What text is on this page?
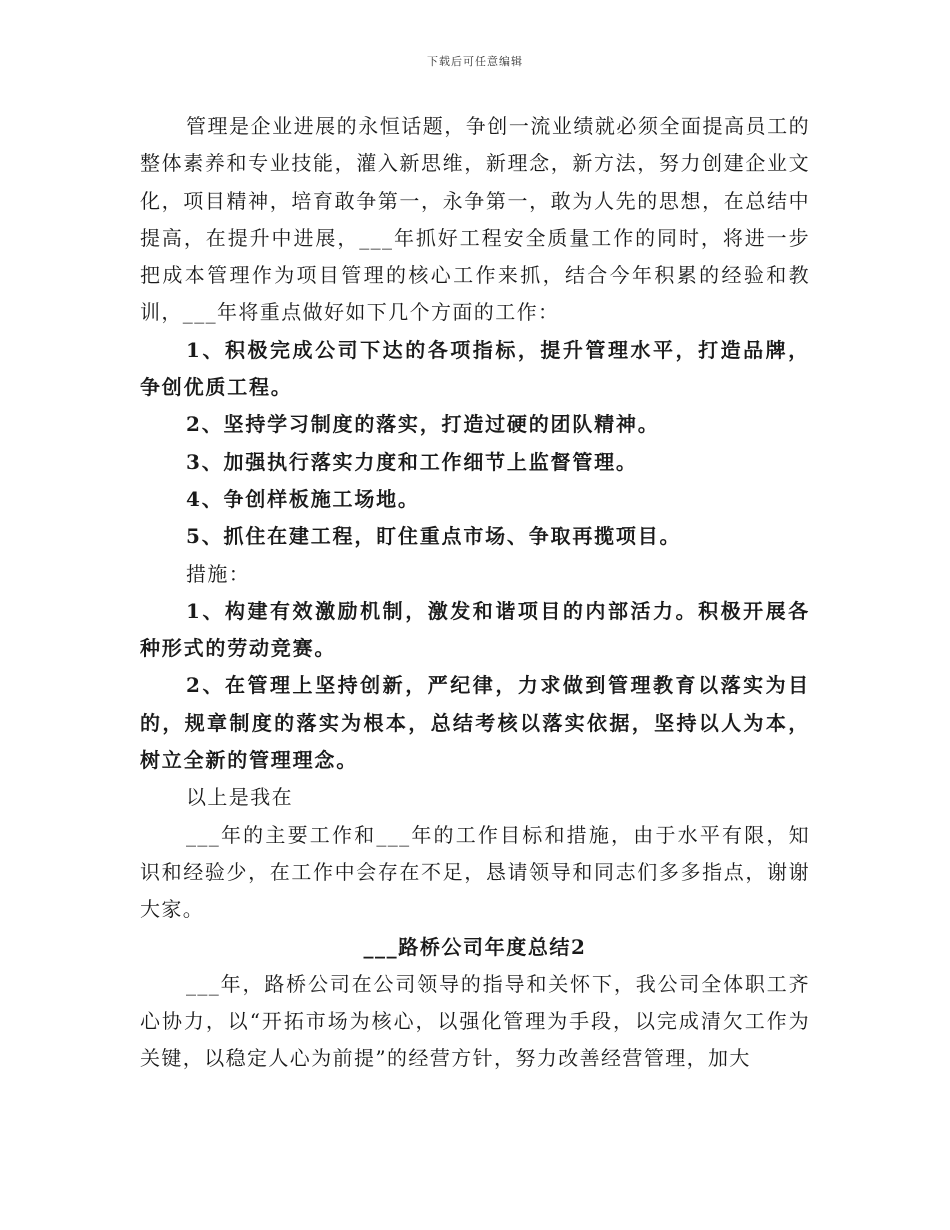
下载后可任意编辑

管理是企业进展的永恒话题，争创一流业绩就必须全面提高员工的整体素养和专业技能，灌入新思维，新理念，新方法，努力创建企业文化，项目精神，培育敢争第一，永争第一，敢为人先的思想，在总结中提高，在提升中进展，___年抓好工程安全质量工作的同时，将进一步把成本管理作为项目管理的核心工作来抓，结合今年积累的经验和教训，___年将重点做好如下几个方面的工作：

1、积极完成公司下达的各项指标，提升管理水平，打造品牌，争创优质工程。

2、坚持学习制度的落实，打造过硬的团队精神。

3、加强执行落实力度和工作细节上监督管理。

4、争创样板施工场地。

5、抓住在建工程，盯住重点市场、争取再揽项目。

措施：

1、构建有效激励机制，激发和谐项目的内部活力。积极开展各种形式的劳动竞赛。

2、在管理上坚持创新，严纪律，力求做到管理教育以落实为目的，规章制度的落实为根本，总结考核以落实依据，坚持以人为本，树立全新的管理理念。

以上是我在

___年的主要工作和___年的工作目标和措施，由于水平有限，知识和经验少，在工作中会存在不足，恳请领导和同志们多多指点，谢谢大家。

___路桥公司年度总结2

___年，路桥公司在公司领导的指导和关怀下，我公司全体职工齐心协力，以“开拓市场为核心，以强化管理为手段，以完成清欠工作为关键，以稳定人心为前提”的经营方针，努力改善经营管理，加大
